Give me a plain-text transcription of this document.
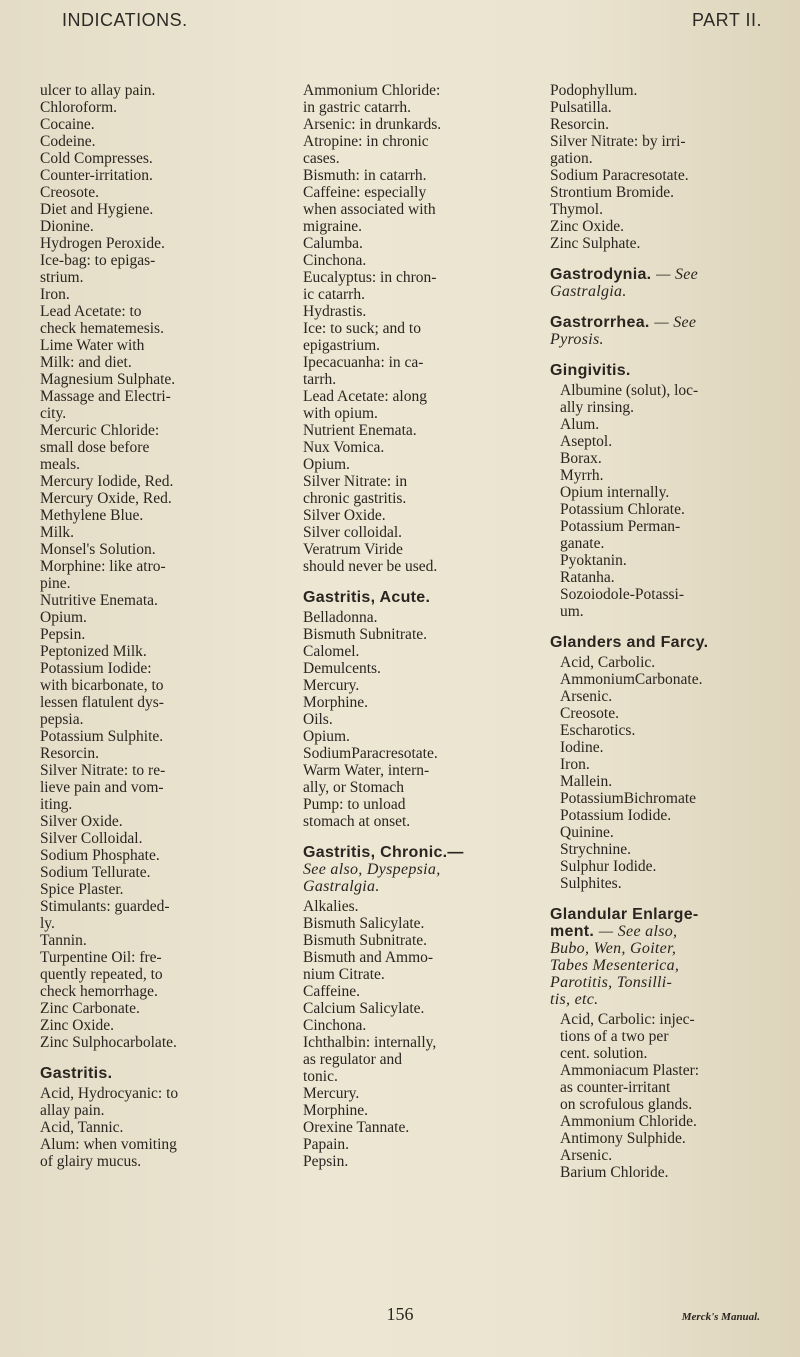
INDICATIONS.	PART II.
ulcer to allay pain.
Chloroform.
Cocaine.
Codeine.
Cold Compresses.
Counter-irritation.
Creosote.
Diet and Hygiene.
Dionine.
Hydrogen Peroxide.
Ice-bag: to epigas-
strium.
Iron.
Lead Acetate: to
check hematemesis.
Lime Water with
Milk: and diet.
Magnesium Sulphate.
Massage and Electri-
city.
Mercuric Chloride:
small dose before
meals.
Mercury Iodide, Red.
Mercury Oxide, Red.
Methylene Blue.
Milk.
Monsel's Solution.
Morphine: like atro-
pine.
Nutritive Enemata.
Opium.
Pepsin.
Peptonized Milk.
Potassium Iodide:
with bicarbonate, to
lessen flatulent dys-
pepsia.
Potassium Sulphite.
Resorcin.
Silver Nitrate: to re-
lieve pain and vom-
iting.
Silver Oxide.
Silver Colloidal.
Sodium Phosphate.
Sodium Tellurate.
Spice Plaster.
Stimulants: guarded-
ly.
Tannin.
Turpentine Oil: fre-
quently repeated, to
check hemorrhage.
Zinc Carbonate.
Zinc Oxide.
Zinc Sulphocarbolate.
Gastritis.
Acid, Hydrocyanic: to
allay pain.
Acid, Tannic.
Alum: when vomiting
of glairy mucus.
Ammonium Chloride:
in gastric catarrh.
Arsenic: in drunkards.
Atropine: in chronic
cases.
Bismuth: in catarrh.
Caffeine: especially
when associated with
migraine.
Calumba.
Cinchona.
Eucalyptus: in chron-
ic catarrh.
Hydrastis.
Ice: to suck; and to
epigastrium.
Ipecacuanha: in ca-
tarrh.
Lead Acetate: along
with opium.
Nutrient Enemata.
Nux Vomica.
Opium.
Silver Nitrate: in
chronic gastritis.
Silver Oxide.
Silver colloidal.
Veratrum Viride
should never be used.
Gastritis, Acute.
Belladonna.
Bismuth Subnitrate.
Calomel.
Demulcents.
Mercury.
Morphine.
Oils.
Opium.
SodiumParacresotate.
Warm Water, intern-
ally, or Stomach
Pump: to unload
stomach at onset.
Gastritis, Chronic.—
See also, Dyspepsia,
Gastralgia.
Alkalies.
Bismuth Salicylate.
Bismuth Subnitrate.
Bismuth and Ammo-
nium Citrate.
Caffeine.
Calcium Salicylate.
Cinchona.
Ichthalbin: internally,
as regulator and
tonic.
Mercury.
Morphine.
Orexine Tannate.
Papain.
Pepsin.
Podophyllum.
Pulsatilla.
Resorcin.
Silver Nitrate: by irri-
gation.
Sodium Paracresotate.
Strontium Bromide.
Thymol.
Zinc Oxide.
Zinc Sulphate.
Gastrodynia. — See
Gastralgia.
Gastrorrhea. — See
Pyrosis.
Gingivitis.
Albumine (solut), loc-
ally rinsing.
Alum.
Aseptol.
Borax.
Myrrh.
Opium internally.
Potassium Chlorate.
Potassium Perman-
ganate.
Pyoktanin.
Ratanha.
Sozoiodole-Potassi-
um.
Glanders and Farcy.
Acid, Carbolic.
AmmoniumCarbonate.
Arsenic.
Creosote.
Escharotics.
Iodine.
Iron.
Mallein.
PotassiumBichromate
Potassium Iodide.
Quinine.
Strychnine.
Sulphur Iodide.
Sulphites.
Glandular Enlarge-
ment. — See also,
Bubo, Wen, Goiter,
Tabes Mesenterica,
Parotitis, Tonsilli-
tis, etc.
Acid, Carbolic: injec-
tions of a two per
cent. solution.
Ammoniacum Plaster:
as counter-irritant
on scrofulous glands.
Ammonium Chloride.
Antimony Sulphide.
Arsenic.
Barium Chloride.
156	Merck's Manual.
